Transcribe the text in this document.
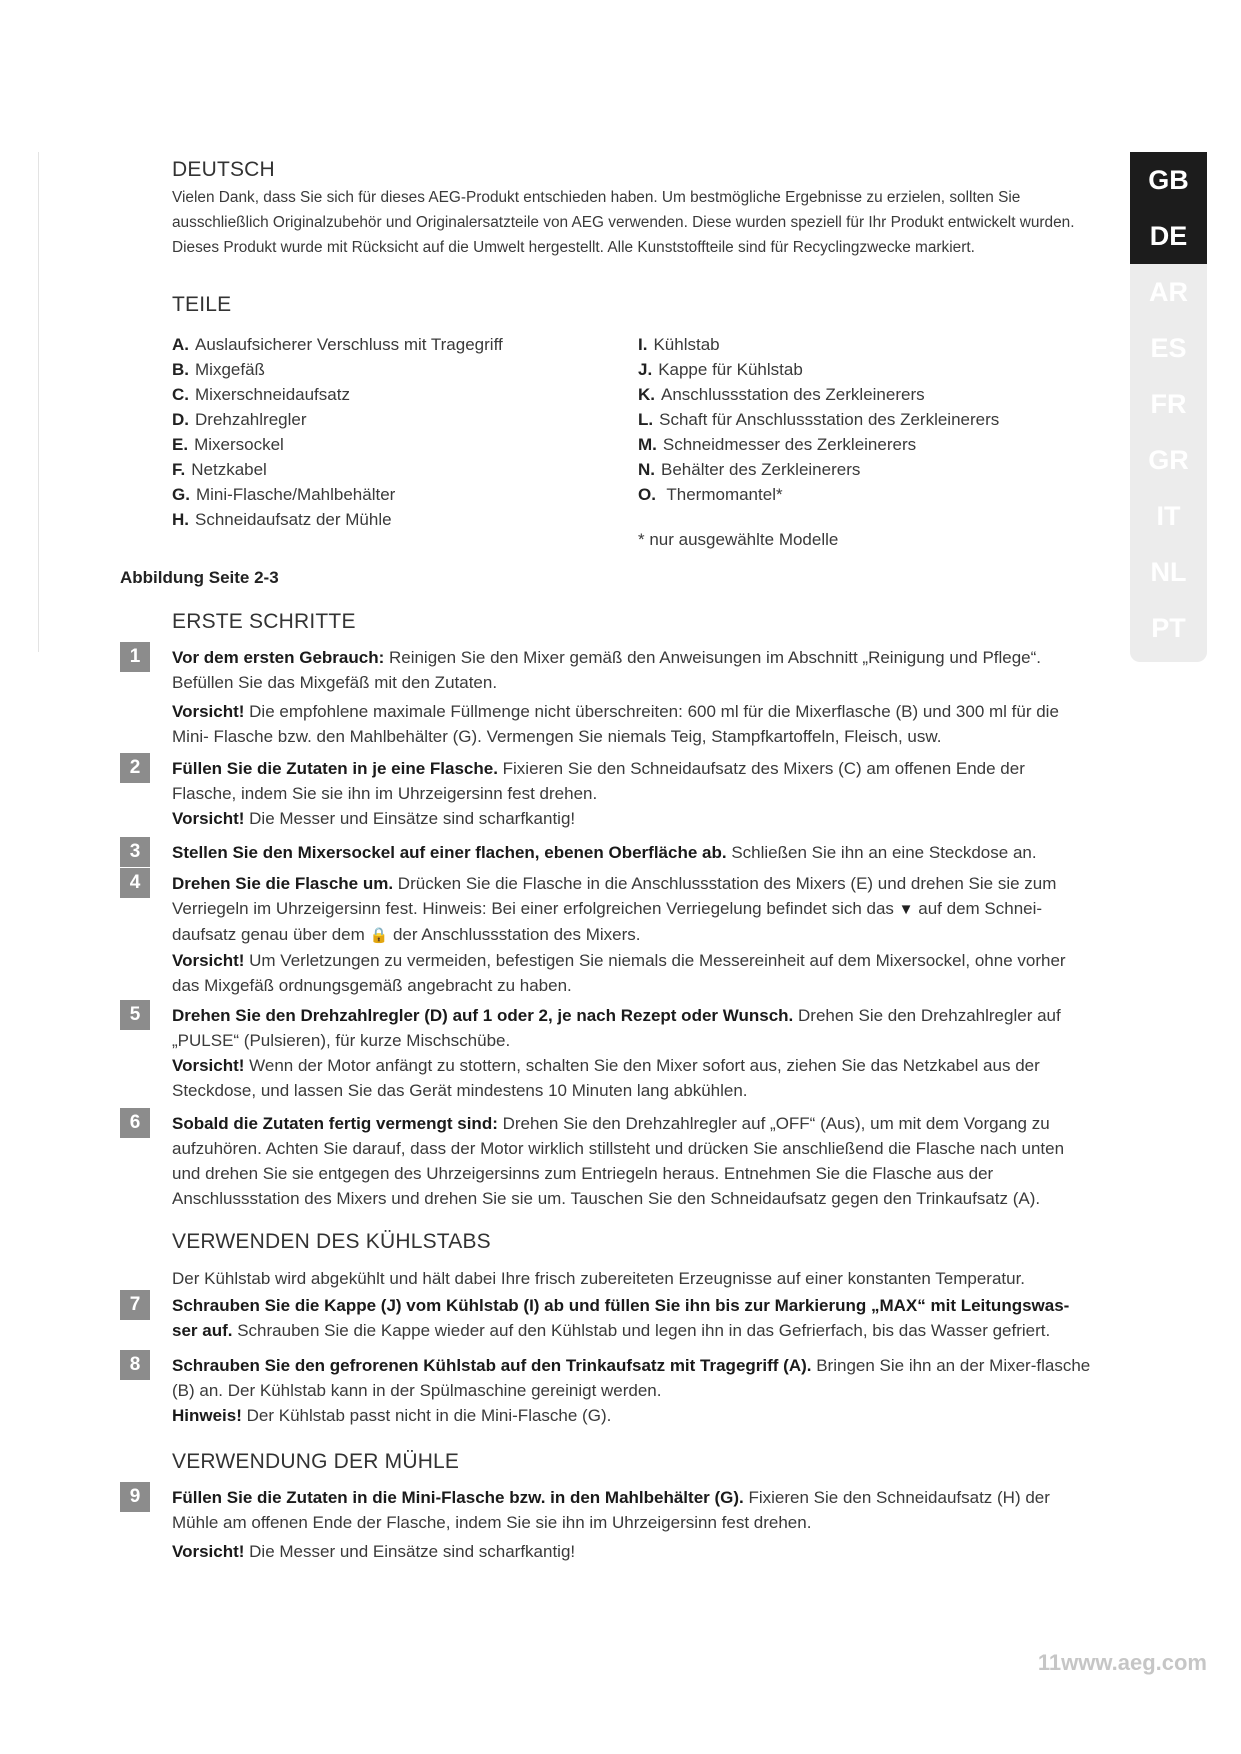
GB
DE
AR
ES
FR
GR
IT
NL
PT
DEUTSCH
Vielen Dank, dass Sie sich für dieses AEG-Produkt entschieden haben. Um bestmögliche Ergebnisse zu erzielen, sollten Sie ausschließlich Originalzubehör und Originalersatzteile von AEG verwenden. Diese wurden speziell für Ihr Produkt entwickelt wurden. Dieses Produkt wurde mit Rücksicht auf die Umwelt hergestellt. Alle Kunststoffteile sind für Recyclingzwecke markiert.
TEILE
A. Auslaufsicherer Verschluss mit Tragegriff
B. Mixgefäß
C. Mixerschneidaufsatz
D. Drehzahlregler
E. Mixersockel
F. Netzkabel
G. Mini-Flasche/Mahlbehälter
H. Schneidaufsatz der Mühle
I. Kühlstab
J. Kappe für Kühlstab
K. Anschlussstation des Zerkleinerers
L. Schaft für Anschlussstation des Zerkleinerers
M. Schneidmesser des Zerkleinerers
N. Behälter des Zerkleinerers
O. Thermomantel*
* nur ausgewählte Modelle
Abbildung Seite 2-3
ERSTE SCHRITTE
1	Vor dem ersten Gebrauch: Reinigen Sie den Mixer gemäß den Anweisungen im Abschnitt „Reinigung und Pflege“. Befüllen Sie das Mixgefäß mit den Zutaten.

Vorsicht! Die empfohlene maximale Füllmenge nicht überschreiten: 600 ml für die Mixerflasche (B) und 300 ml für die Mini- Flasche bzw. den Mahlbehälter (G). Vermengen Sie niemals Teig, Stampfkartoffeln, Fleisch, usw.
2	Füllen Sie die Zutaten in je eine Flasche. Fixieren Sie den Schneidaufsatz des Mixers (C) am offenen Ende der Flasche, indem Sie sie ihn im Uhrzeigersinn fest drehen.
Vorsicht! Die Messer und Einsätze sind scharfkantig!
3	Stellen Sie den Mixersockel auf einer flachen, ebenen Oberfläche ab. Schließen Sie ihn an eine Steckdose an.
4	Drehen Sie die Flasche um. Drücken Sie die Flasche in die Anschlussstation des Mixers (E) und drehen Sie sie zum Verriegeln im Uhrzeigersinn fest. Hinweis: Bei einer erfolgreichen Verriegelung befindet sich das ▼ auf dem Schnei-daufsatz genau über dem 🔒 der Anschlussstation des Mixers.
Vorsicht! Um Verletzungen zu vermeiden, befestigen Sie niemals die Messereinheit auf dem Mixersockel, ohne vorher das Mixgefäß ordnungsgemäß angebracht zu haben.
5	Drehen Sie den Drehzahlregler (D) auf 1 oder 2, je nach Rezept oder Wunsch. Drehen Sie den Drehzahlregler auf „PULSE“ (Pulsieren), für kurze Mischschübe.
Vorsicht! Wenn der Motor anfängt zu stottern, schalten Sie den Mixer sofort aus, ziehen Sie das Netzkabel aus der Steckdose, und lassen Sie das Gerät mindestens 10 Minuten lang abkühlen.
6	Sobald die Zutaten fertig vermengt sind: Drehen Sie den Drehzahlregler auf „OFF“ (Aus), um mit dem Vorgang zu aufzuhören. Achten Sie darauf, dass der Motor wirklich stillsteht und drücken Sie anschließend die Flasche nach unten und drehen Sie sie entgegen des Uhrzeigersinns zum Entriegeln heraus. Entnehmen Sie die Flasche aus der Anschlussstation des Mixers und drehen Sie sie um. Tauschen Sie den Schneidaufsatz gegen den Trinkaufsatz (A).
VERWENDEN DES KÜHLSTABS
Der Kühlstab wird abgekühlt und hält dabei Ihre frisch zubereiteten Erzeugnisse auf einer konstanten Temperatur.
7	Schrauben Sie die Kappe (J) vom Kühlstab (I) ab und füllen Sie ihn bis zur Markierung „MAX“ mit Leitungswas-ser auf. Schrauben Sie die Kappe wieder auf den Kühlstab und legen ihn in das Gefrierfach, bis das Wasser gefriert.
8	Schrauben Sie den gefrorenen Kühlstab auf den Trinkaufsatz mit Tragegriff (A). Bringen Sie ihn an der Mixer-flasche (B) an. Der Kühlstab kann in der Spülmaschine gereinigt werden.
Hinweis! Der Kühlstab passt nicht in die Mini-Flasche (G).
VERWENDUNG DER MÜHLE
9	Füllen Sie die Zutaten in die Mini-Flasche bzw. in den Mahlbehälter (G). Fixieren Sie den Schneidaufsatz (H) der Mühle am offenen Ende der Flasche, indem Sie sie ihn im Uhrzeigersinn fest drehen.

Vorsicht! Die Messer und Einsätze sind scharfkantig!
11www.aeg.com
